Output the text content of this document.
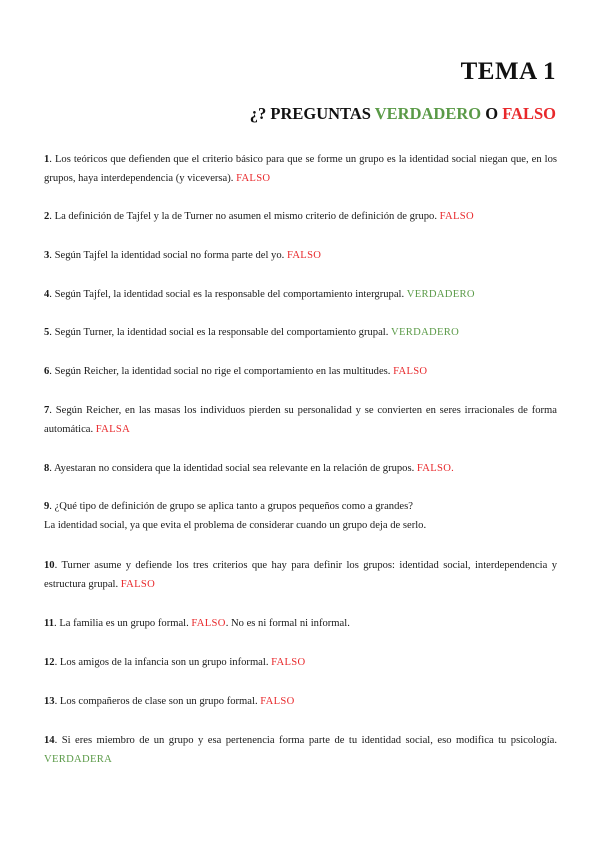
TEMA 1
¿? PREGUNTAS VERDADERO O FALSO
1. Los teóricos que defienden que el criterio básico para que se forme un grupo es la identidad social niegan que, en los grupos, haya interdependencia (y viceversa). FALSO
2. La definición de Tajfel y la de Turner no asumen el mismo criterio de definición de grupo. FALSO
3. Según Tajfel la identidad social no forma parte del yo. FALSO
4. Según Tajfel, la identidad social es la responsable del comportamiento intergrupal. VERDADERO
5. Según Turner, la identidad social es la responsable del comportamiento grupal. VERDADERO
6. Según Reicher, la identidad social no rige el comportamiento en las multitudes. FALSO
7. Según Reicher, en las masas los individuos pierden su personalidad y se convierten en seres irracionales de forma automática. FALSA
8. Ayestaran no considera que la identidad social sea relevante en la relación de grupos. FALSO.
9. ¿Qué tipo de definición de grupo se aplica tanto a grupos pequeños como a grandes?
La identidad social, ya que evita el problema de considerar cuando un grupo deja de serlo.
10. Turner asume y defiende los tres criterios que hay para definir los grupos: identidad social, interdependencia y estructura grupal. FALSO
11. La familia es un grupo formal. FALSO. No es ni formal ni informal.
12. Los amigos de la infancia son un grupo informal. FALSO
13. Los compañeros de clase son un grupo formal. FALSO
14. Si eres miembro de un grupo y esa pertenencia forma parte de tu identidad social, eso modifica tu psicología. VERDADERA
